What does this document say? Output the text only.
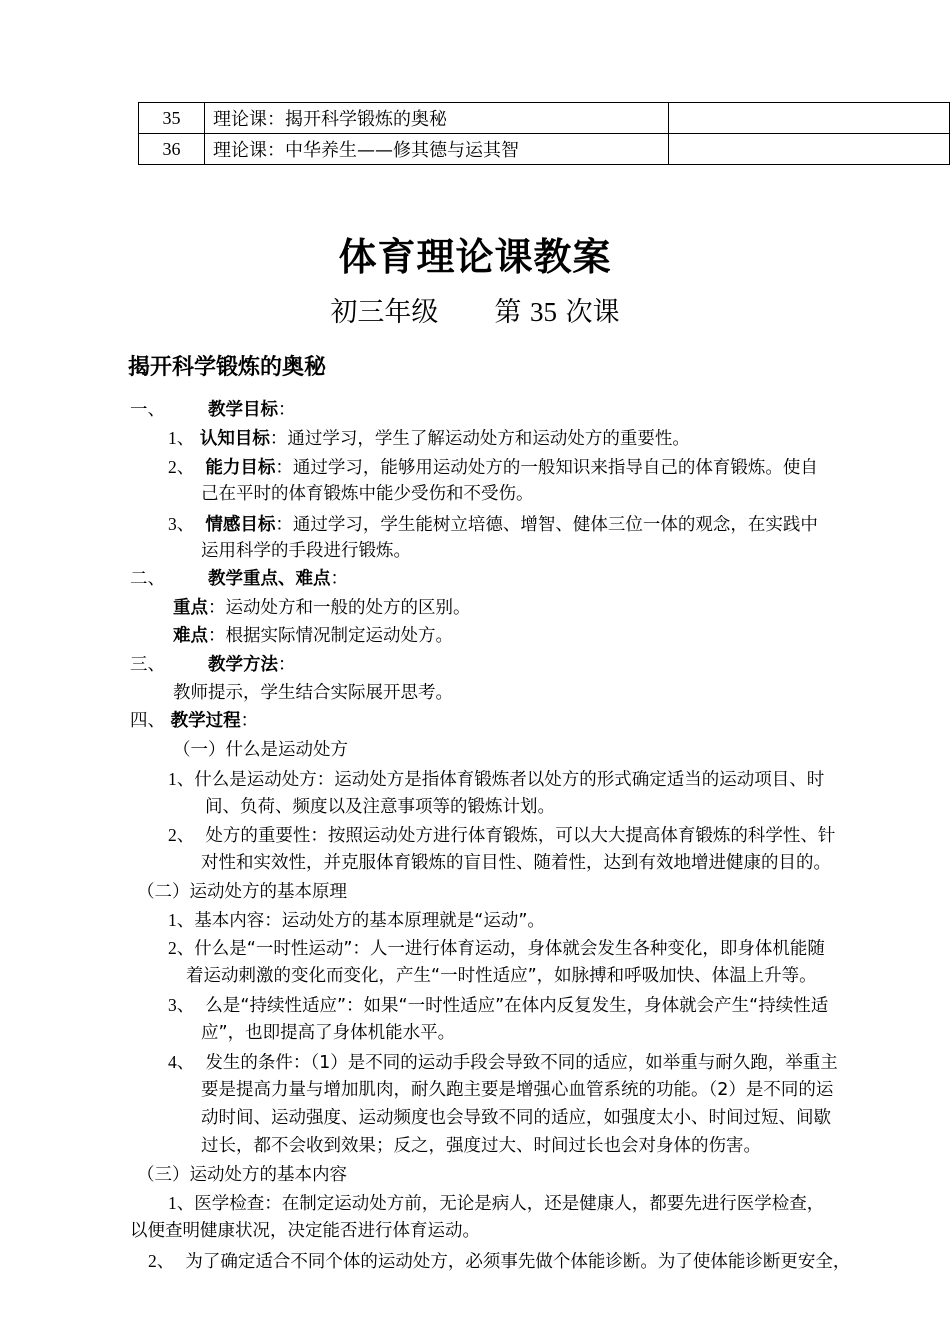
35	理论课：揭开科学锻炼的奥秘	
36	理论课：中华养生——修其德与运其智	
体育理论课教案
初三年级 第 35 次课
揭开科学锻炼的奥秘
一、 教学目标：
1、 认知目标：通过学习，学生了解运动处方和运动处方的重要性。
2、 能力目标：通过学习，能够用运动处方的一般知识来指导自己的体育锻炼。使自
己在平时的体育锻炼中能少受伤和不受伤。
3、 情感目标：通过学习，学生能树立培德、增智、健体三位一体的观念，在实践中
运用科学的手段进行锻炼。
二、 教学重点、难点：
重点：运动处方和一般的处方的区别。
难点：根据实际情况制定运动处方。
三、 教学方法：
教师提示，学生结合实际展开思考。
四、 教学过程：
（一）什么是运动处方
1、什么是运动处方：运动处方是指体育锻炼者以处方的形式确定适当的运动项目、时
间、负荷、频度以及注意事项等的锻炼计划。
2、 处方的重要性：按照运动处方进行体育锻炼，可以大大提高体育锻炼的科学性、针
对性和实效性，并克服体育锻炼的盲目性、随着性，达到有效地增进健康的目的。
（二）运动处方的基本原理
1、基本内容：运动处方的基本原理就是“运动”。
2、什么是“一时性运动”：人一进行体育运动，身体就会发生各种变化，即身体机能随
着运动刺激的变化而变化，产生“一时性适应”，如脉搏和呼吸加快、体温上升等。
3、 么是“持续性适应”：如果“一时性适应”在体内反复发生，身体就会产生“持续性适
应”，也即提高了身体机能水平。
4、 发生的条件：（1）是不同的运动手段会导致不同的适应，如举重与耐久跑，举重主
要是提高力量与增加肌肉，耐久跑主要是增强心血管系统的功能。（2）是不同的运
动时间、运动强度、运动频度也会导致不同的适应，如强度太小、时间过短、间歇
过长，都不会收到效果；反之，强度过大、时间过长也会对身体的伤害。
（三）运动处方的基本内容
1、医学检查：在制定运动处方前，无论是病人，还是健康人，都要先进行医学检查，
以便查明健康状况，决定能否进行体育运动。
2、 为了确定适合不同个体的运动处方，必须事先做个体能诊断。为了使体能诊断更安全，
